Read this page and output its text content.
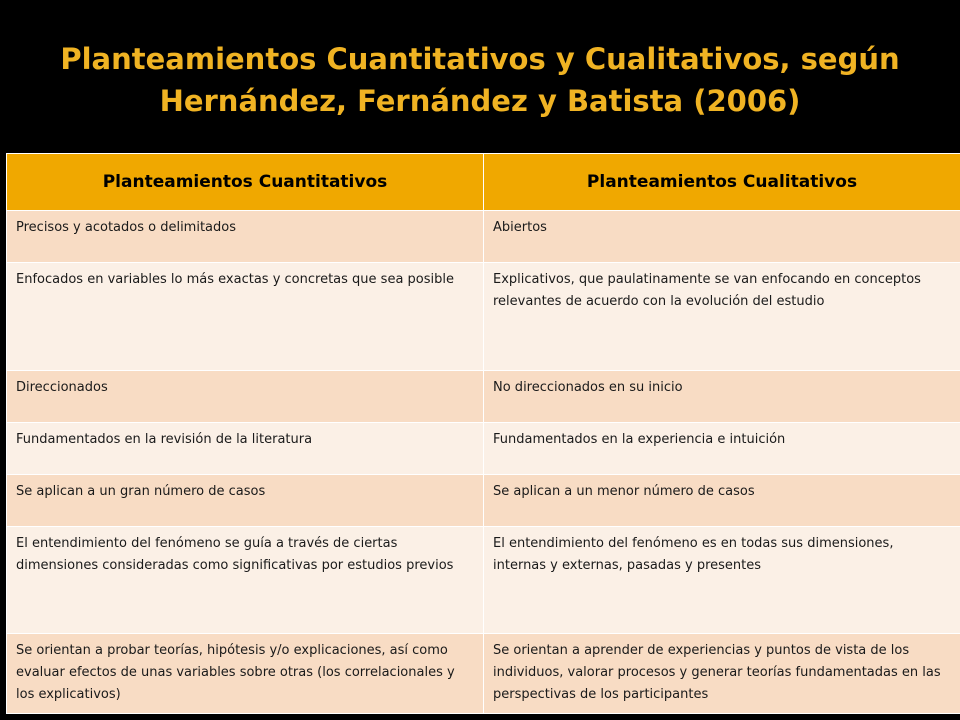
Planteamientos Cuantitativos y Cualitativos, según Hernández, Fernández y Batista (2006)
Planteamientos Cuantitativos	Planteamientos Cualitativos
Precisos y acotados o delimitados	Abiertos
Enfocados en variables lo más exactas y concretas que sea posible	Explicativos, que paulatinamente se van enfocando en conceptos relevantes de acuerdo con la evolución del estudio
Direccionados	No direccionados en su inicio
Fundamentados en la revisión de la literatura	Fundamentados en la experiencia e intuición
Se aplican a un gran número de casos	Se aplican a un menor número de casos
El entendimiento del fenómeno se guía a través de ciertas dimensiones consideradas como significativas por estudios previos	El entendimiento del fenómeno es en todas sus dimensiones, internas y externas, pasadas y presentes
Se orientan a probar teorías, hipótesis y/o explicaciones, así como evaluar efectos de unas variables sobre otras (los correlacionales y los explicativos)	Se orientan a aprender de experiencias y puntos de vista de los individuos, valorar procesos y generar teorías fundamentadas en las perspectivas de los participantes
